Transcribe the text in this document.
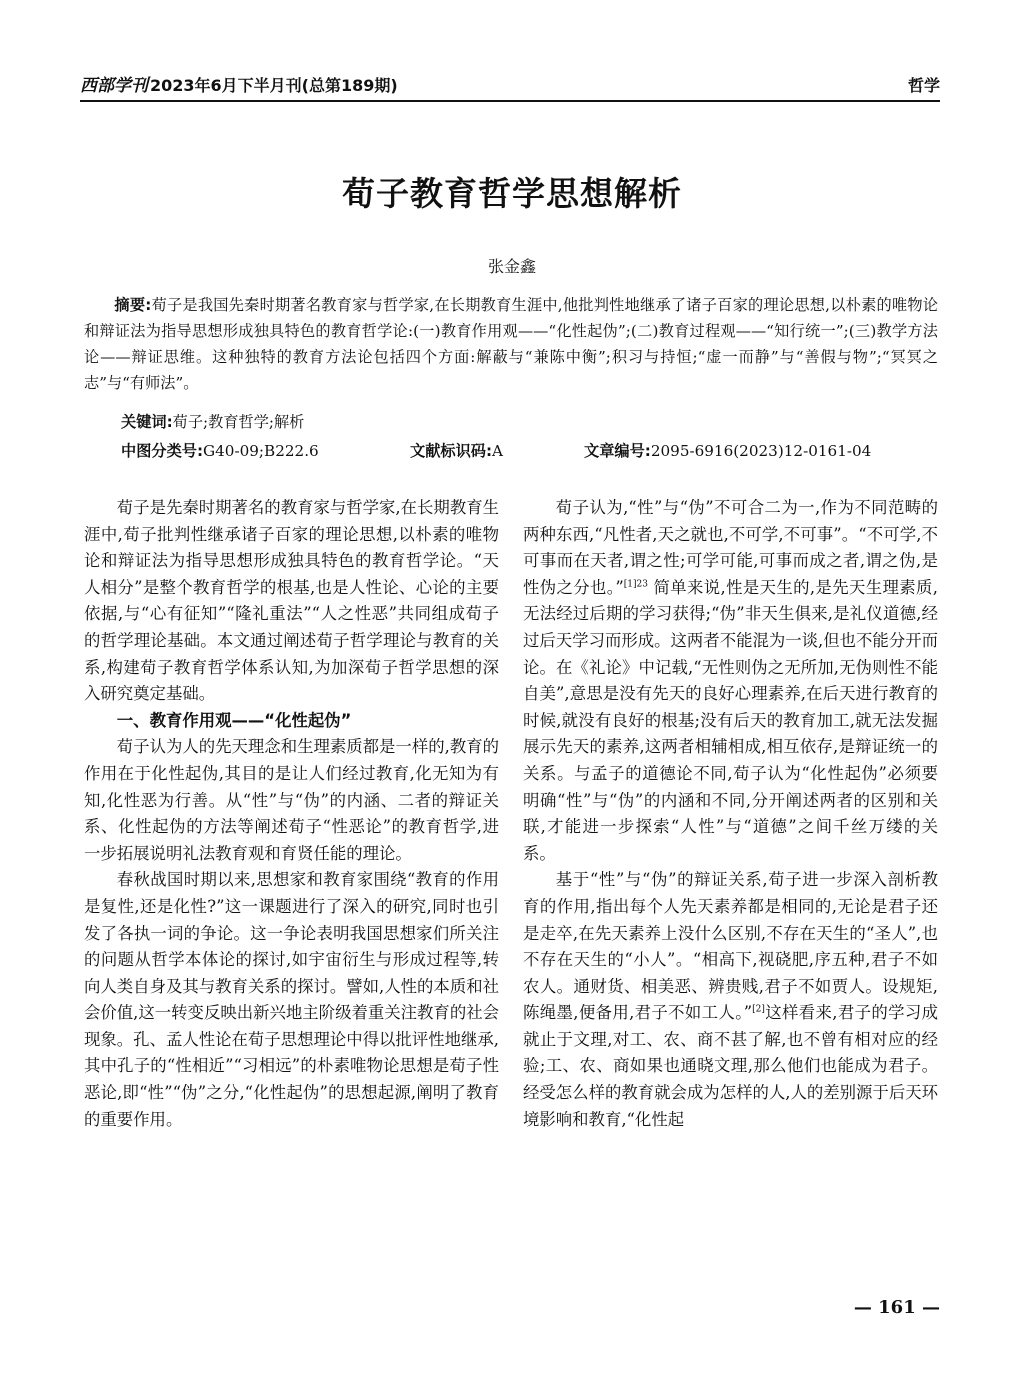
西部学刊 2023年6月下半月刊(总第189期)	哲学
荀子教育哲学思想解析
张金鑫

摘要:荀子是我国先秦时期著名教育家与哲学家,在长期教育生涯中,他批判性地继承了诸子百家的理论思想,以朴素的唯物论和辩证法为指导思想形成独具特色的教育哲学论:(一)教育作用观——“化性起伪”;(二)教育过程观——“知行统一”;(三)教学方法论——辩证思维。这种独特的教育方法论包括四个方面:解蔽与“兼陈中衡”;积习与持恒;“虚一而静”与“善假与物”;“冥冥之志”与“有师法”。

关键词:荀子;教育哲学;解析
中图分类号:G40-09;B222.6	文献标识码:A	文章编号:2095-6916(2023)12-0161-04

荀子是先秦时期著名的教育家与哲学家,在长期教育生涯中,荀子批判性继承诸子百家的理论思想,以朴素的唯物论和辩证法为指导思想形成独具特色的教育哲学论。“天人相分”是整个教育哲学的根基,也是人性论、心论的主要依据,与“心有征知”“隆礼重法”“人之性恶”共同组成荀子的哲学理论基础。本文通过阐述荀子哲学理论与教育的关系,构建荀子教育哲学体系认知,为加深荀子哲学思想的深入研究奠定基础。

一、教育作用观——“化性起伪”

荀子认为人的先天理念和生理素质都是一样的,教育的作用在于化性起伪,其目的是让人们经过教育,化无知为有知,化性恶为行善。从“性”与“伪”的内涵、二者的辩证关系、化性起伪的方法等阐述荀子“性恶论”的教育哲学,进一步拓展说明礼法教育观和育贤任能的理论。

春秋战国时期以来,思想家和教育家围绕“教育的作用是复性,还是化性?”这一课题进行了深入的研究,同时也引发了各执一词的争论。这一争论表明我国思想家们所关注的问题从哲学本体论的探讨,如宇宙衍生与形成过程等,转向人类自身及其与教育关系的探讨。譬如,人性的本质和社会价值,这一转变反映出新兴地主阶级着重关注教育的社会现象。孔、孟人性论在荀子思想理论中得以批评性地继承,其中孔子的“性相近”“习相远”的朴素唯物论思想是荀子性恶论,即“性”“伪”之分,“化性起伪”的思想起源,阐明了教育的重要作用。

荀子认为,“性”与“伪”不可合二为一,作为不同范畴的两种东西,“凡性者,天之就也,不可学,不可事”。“不可学,不可事而在天者,谓之性;可学可能,可事而成之者,谓之伪,是性伪之分也。”$^{[1]23}$ 简单来说,性是天生的,是先天生理素质,无法经过后期的学习获得;“伪”非天生俱来,是礼仪道德,经过后天学习而形成。这两者不能混为一谈,但也不能分开而论。在《礼论》中记载,“无性则伪之无所加,无伪则性不能自美”,意思是没有先天的良好心理素养,在后天进行教育的时候,就没有良好的根基;没有后天的教育加工,就无法发掘展示先天的素养,这两者相辅相成,相互依存,是辩证统一的关系。与孟子的道德论不同,荀子认为“化性起伪”必须要明确“性”与“伪”的内涵和不同,分开阐述两者的区别和关联,才能进一步探索“人性”与“道德”之间千丝万缕的关系。

基于“性”与“伪”的辩证关系,荀子进一步深入剖析教育的作用,指出每个人先天素养都是相同的,无论是君子还是走卒,在先天素养上没什么区别,不存在天生的“圣人”,也不存在天生的“小人”。“相高下,视硗肥,序五种,君子不如农人。通财货、相美恶、辨贵贱,君子不如贾人。设规矩,陈绳墨,便备用,君子不如工人。”[2]这样看来,君子的学习成就止于文理,对工、农、商不甚了解,也不曾有相对应的经验;工、农、商如果也通晓文理,那么他们也能成为君子。经受怎么样的教育就会成为怎样的人,人的差别源于后天环境影响和教育,“化性起

— 161 —
